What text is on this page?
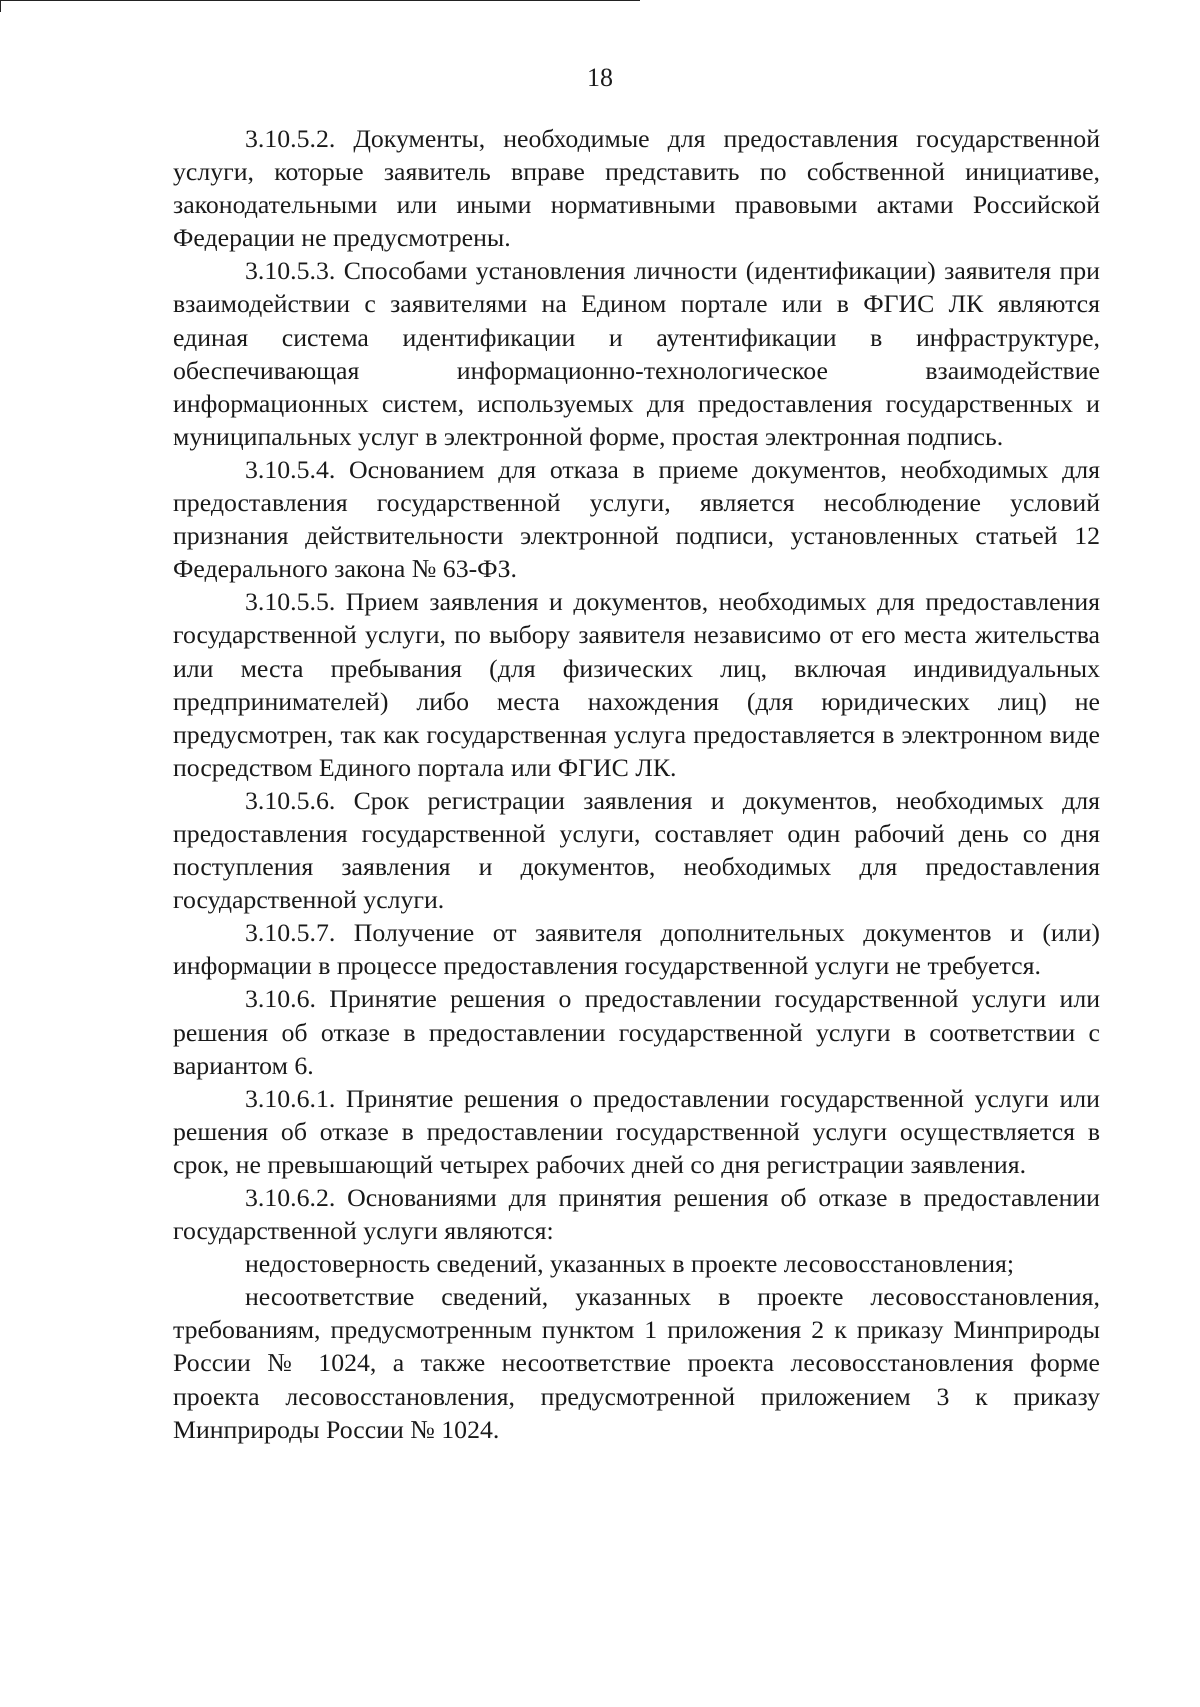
18

3.10.5.2. Документы, необходимые для предоставления государственной услуги, которые заявитель вправе представить по собственной инициативе, законодательными или иными нормативными правовыми актами Российской Федерации не предусмотрены.

3.10.5.3. Способами установления личности (идентификации) заявителя при взаимодействии с заявителями на Едином портале или в ФГИС ЛК являются единая система идентификации и аутентификации в инфраструктуре, обеспечивающая информационно-технологическое взаимодействие информационных систем, используемых для предоставления государственных и муниципальных услуг в электронной форме, простая электронная подпись.

3.10.5.4. Основанием для отказа в приеме документов, необходимых для предоставления государственной услуги, является несоблюдение условий признания действительности электронной подписи, установленных статьей 12 Федерального закона № 63-ФЗ.

3.10.5.5. Прием заявления и документов, необходимых для предоставления государственной услуги, по выбору заявителя независимо от его места жительства или места пребывания (для физических лиц, включая индивидуальных предпринимателей) либо места нахождения (для юридических лиц) не предусмотрен, так как государственная услуга предоставляется в электронном виде посредством Единого портала или ФГИС ЛК.

3.10.5.6. Срок регистрации заявления и документов, необходимых для предоставления государственной услуги, составляет один рабочий день со дня поступления заявления и документов, необходимых для предоставления государственной услуги.

3.10.5.7. Получение от заявителя дополнительных документов и (или) информации в процессе предоставления государственной услуги не требуется.

3.10.6. Принятие решения о предоставлении государственной услуги или решения об отказе в предоставлении государственной услуги в соответствии с вариантом 6.

3.10.6.1. Принятие решения о предоставлении государственной услуги или решения об отказе в предоставлении государственной услуги осуществляется в срок, не превышающий четырех рабочих дней со дня регистрации заявления.

3.10.6.2. Основаниями для принятия решения об отказе в предоставлении государственной услуги являются:

недостоверность сведений, указанных в проекте лесовосстановления;

несоответствие сведений, указанных в проекте лесовосстановления, требованиям, предусмотренным пунктом 1 приложения 2 к приказу Минприроды России № 1024, а также несоответствие проекта лесовосстановления форме проекта лесовосстановления, предусмотренной приложением 3 к приказу Минприроды России № 1024.
